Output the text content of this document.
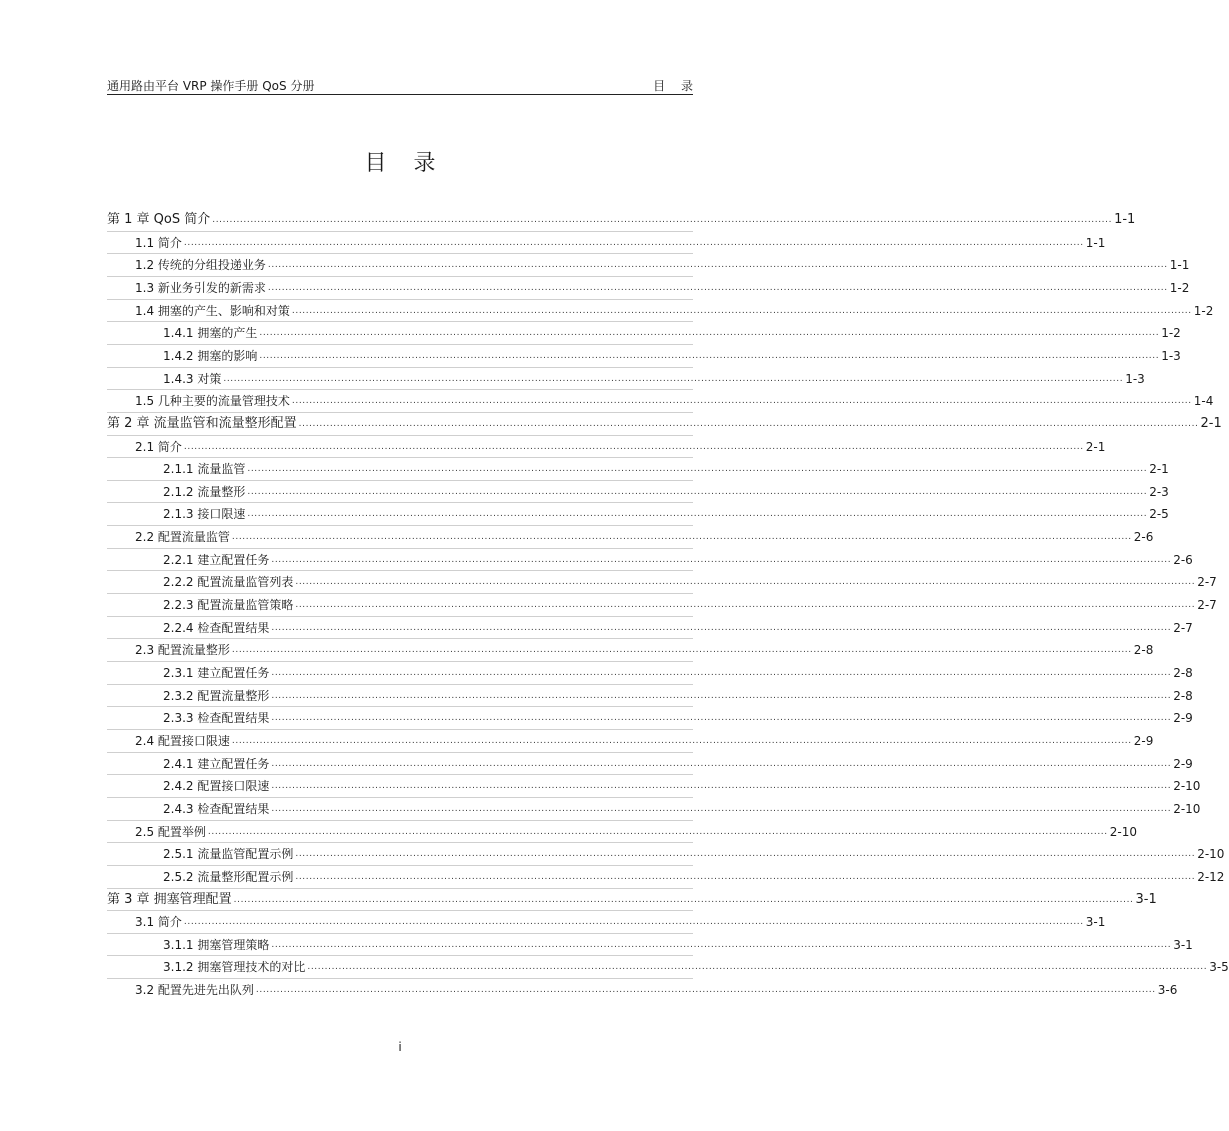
通用路由平台 VRP 操作手册 QoS 分册	目 录
目 录
第 1 章 QoS 简介 .................................................................................................................................................................................................................................................................... 1-1
1.1 简介 .................................................................................................................................................................................................................................................................... 1-1
1.2 传统的分组投递业务 .................................................................................................................................................................................................................................................................... 1-1
1.3 新业务引发的新需求 .................................................................................................................................................................................................................................................................... 1-2
1.4 拥塞的产生、影响和对策 .................................................................................................................................................................................................................................................................... 1-2
1.4.1 拥塞的产生 .................................................................................................................................................................................................................................................................... 1-2
1.4.2 拥塞的影响 .................................................................................................................................................................................................................................................................... 1-3
1.4.3 对策 .................................................................................................................................................................................................................................................................... 1-3
1.5 几种主要的流量管理技术 .................................................................................................................................................................................................................................................................... 1-4
第 2 章 流量监管和流量整形配置 .................................................................................................................................................................................................................................................................... 2-1
2.1 简介 .................................................................................................................................................................................................................................................................... 2-1
2.1.1 流量监管 .................................................................................................................................................................................................................................................................... 2-1
2.1.2 流量整形 .................................................................................................................................................................................................................................................................... 2-3
2.1.3 接口限速 .................................................................................................................................................................................................................................................................... 2-5
2.2 配置流量监管 .................................................................................................................................................................................................................................................................... 2-6
2.2.1 建立配置任务 .................................................................................................................................................................................................................................................................... 2-6
2.2.2 配置流量监管列表 .................................................................................................................................................................................................................................................................... 2-7
2.2.3 配置流量监管策略 .................................................................................................................................................................................................................................................................... 2-7
2.2.4 检查配置结果 .................................................................................................................................................................................................................................................................... 2-7
2.3 配置流量整形 .................................................................................................................................................................................................................................................................... 2-8
2.3.1 建立配置任务 .................................................................................................................................................................................................................................................................... 2-8
2.3.2 配置流量整形 .................................................................................................................................................................................................................................................................... 2-8
2.3.3 检查配置结果 .................................................................................................................................................................................................................................................................... 2-9
2.4 配置接口限速 .................................................................................................................................................................................................................................................................... 2-9
2.4.1 建立配置任务 .................................................................................................................................................................................................................................................................... 2-9
2.4.2 配置接口限速 .................................................................................................................................................................................................................................................................... 2-10
2.4.3 检查配置结果 .................................................................................................................................................................................................................................................................... 2-10
2.5 配置举例 .................................................................................................................................................................................................................................................................... 2-10
2.5.1 流量监管配置示例 .................................................................................................................................................................................................................................................................... 2-10
2.5.2 流量整形配置示例 .................................................................................................................................................................................................................................................................... 2-12
第 3 章 拥塞管理配置 .................................................................................................................................................................................................................................................................... 3-1
3.1 简介 .................................................................................................................................................................................................................................................................... 3-1
3.1.1 拥塞管理策略 .................................................................................................................................................................................................................................................................... 3-1
3.1.2 拥塞管理技术的对比 .................................................................................................................................................................................................................................................................... 3-5
3.2 配置先进先出队列 .................................................................................................................................................................................................................................................................... 3-6
i
